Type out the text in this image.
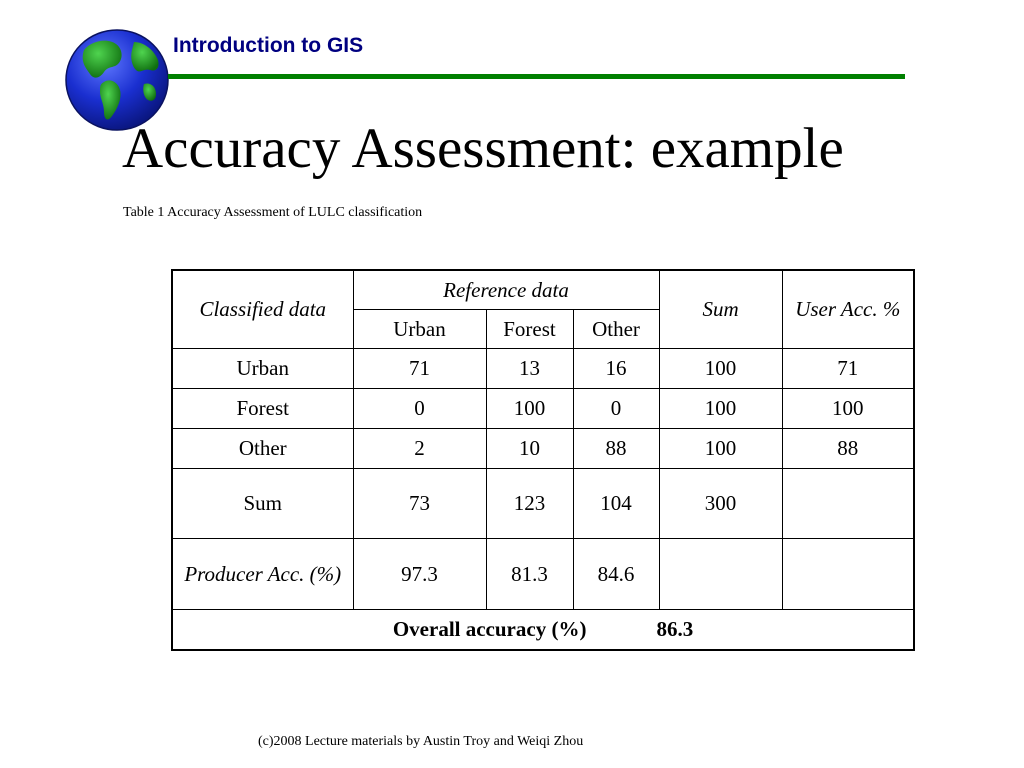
Introduction to GIS
Accuracy Assessment: example
Table 1 Accuracy Assessment of LULC classification
Classified data	Reference data			Sum	User Acc. %
	Urban	Forest	Other		
Urban	71	13	16	100	71
Forest	0	100	0	100	100
Other	2	10	88	100	88
Sum	73	123	104	300	
Producer Acc. (%)	97.3	81.3	84.6		
Overall accuracy (%) 86.3					
(c)2008 Lecture materials by Austin Troy and Weiqi Zhou
